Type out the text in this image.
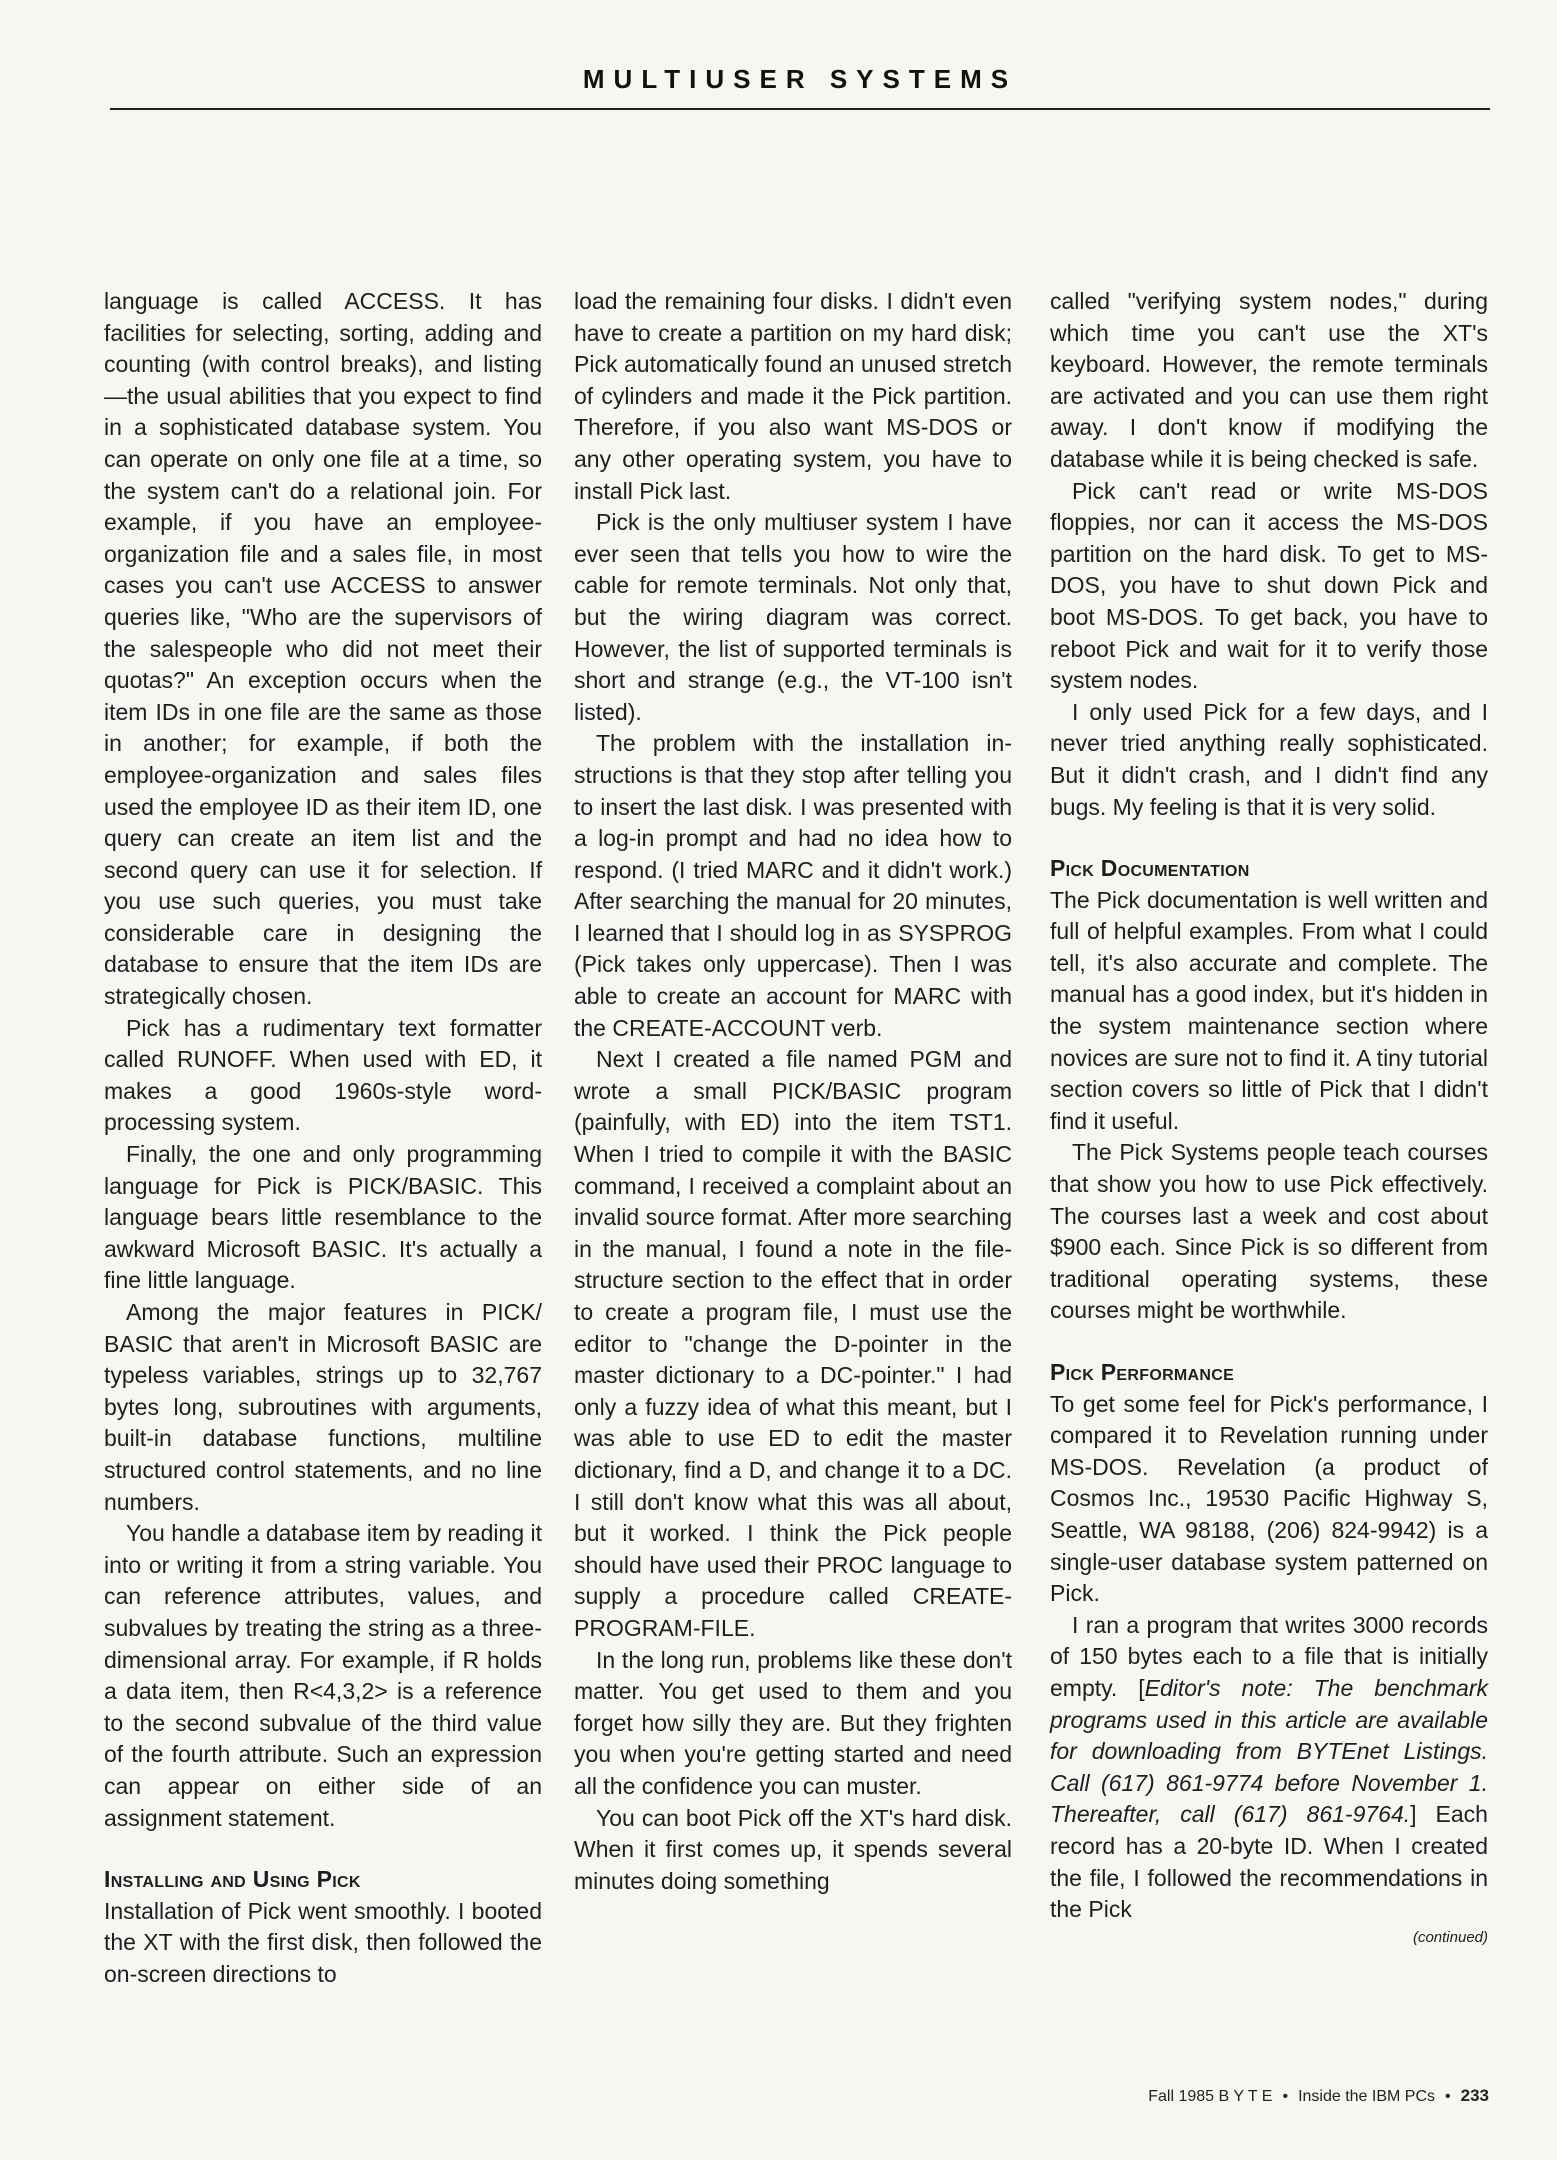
MULTIUSER SYSTEMS

language is called ACCESS. It has facilities for selecting, sorting, adding and counting (with control breaks), and listing—the usual abilities that you expect to find in a sophisticated database system. You can operate on only one file at a time, so the system can't do a relational join. For example, if you have an employee-organization file and a sales file, in most cases you can't use ACCESS to answer queries like, "Who are the supervisors of the salespeople who did not meet their quotas?" An exception occurs when the item IDs in one file are the same as those in another; for example, if both the employee-organization and sales files used the employee ID as their item ID, one query can create an item list and the second query can use it for selection. If you use such queries, you must take considerable care in designing the database to ensure that the item IDs are strategically chosen.

Pick has a rudimentary text formatter called RUNOFF. When used with ED, it makes a good 1960s-style word-processing system.

Finally, the one and only programming language for Pick is PICK/BASIC. This language bears little resemblance to the awkward Microsoft BASIC. It's actually a fine little language.

Among the major features in PICK/​BASIC that aren't in Microsoft BASIC are typeless variables, strings up to 32,767 bytes long, subroutines with arguments, built-in database functions, multiline structured control statements, and no line numbers.

You handle a database item by reading it into or writing it from a string variable. You can reference attributes, values, and subvalues by treating the string as a three-dimensional array. For example, if R holds a data item, then R<4,3,2> is a reference to the second subvalue of the third value of the fourth attribute. Such an expression can appear on either side of an assignment statement.

Installing and Using Pick

Installation of Pick went smoothly. I booted the XT with the first disk, then followed the on-screen directions to

load the remaining four disks. I didn't even have to create a partition on my hard disk; Pick automatically found an unused stretch of cylinders and made it the Pick partition. Therefore, if you also want MS-DOS or any other operating system, you have to install Pick last.

Pick is the only multiuser system I have ever seen that tells you how to wire the cable for remote terminals. Not only that, but the wiring diagram was correct. However, the list of supported terminals is short and strange (e.g., the VT-100 isn't listed).

The problem with the installation instructions is that they stop after telling you to insert the last disk. I was presented with a log-in prompt and had no idea how to respond. (I tried MARC and it didn't work.) After searching the manual for 20 minutes, I learned that I should log in as SYSPROG (Pick takes only uppercase). Then I was able to create an account for MARC with the CREATE-ACCOUNT verb.

Next I created a file named PGM and wrote a small PICK/BASIC program (painfully, with ED) into the item TST1. When I tried to compile it with the BASIC command, I received a complaint about an invalid source format. After more searching in the manual, I found a note in the file-structure section to the effect that in order to create a program file, I must use the editor to "change the D-pointer in the master dictionary to a DC-pointer." I had only a fuzzy idea of what this meant, but I was able to use ED to edit the master dictionary, find a D, and change it to a DC. I still don't know what this was all about, but it worked. I think the Pick people should have used their PROC language to supply a procedure called CREATE-PROGRAM-FILE.

In the long run, problems like these don't matter. You get used to them and you forget how silly they are. But they frighten you when you're getting started and need all the confidence you can muster.

You can boot Pick off the XT's hard disk. When it first comes up, it spends several minutes doing something

called "verifying system nodes," during which time you can't use the XT's keyboard. However, the remote terminals are activated and you can use them right away. I don't know if modifying the database while it is being checked is safe.

Pick can't read or write MS-DOS floppies, nor can it access the MS-DOS partition on the hard disk. To get to MS-DOS, you have to shut down Pick and boot MS-DOS. To get back, you have to reboot Pick and wait for it to verify those system nodes.

I only used Pick for a few days, and I never tried anything really sophisticated. But it didn't crash, and I didn't find any bugs. My feeling is that it is very solid.

Pick Documentation

The Pick documentation is well written and full of helpful examples. From what I could tell, it's also accurate and complete. The manual has a good index, but it's hidden in the system maintenance section where novices are sure not to find it. A tiny tutorial section covers so little of Pick that I didn't find it useful.

The Pick Systems people teach courses that show you how to use Pick effectively. The courses last a week and cost about $900 each. Since Pick is so different from traditional operating systems, these courses might be worthwhile.

Pick Performance

To get some feel for Pick's performance, I compared it to Revelation running under MS-DOS. Revelation (a product of Cosmos Inc., 19530 Pacific Highway S, Seattle, WA 98188, (206) 824-9942) is a single-user database system patterned on Pick.

I ran a program that writes 3000 records of 150 bytes each to a file that is initially empty. [Editor's note: The benchmark programs used in this article are available for downloading from BYTEnet Listings. Call (617) 861-9774 before November 1. Thereafter, call (617) 861-9764.] Each record has a 20-byte ID. When I created the file, I followed the recommendations in the Pick

(continued)

Fall 1985 B Y T E • Inside the IBM PCs • 233
